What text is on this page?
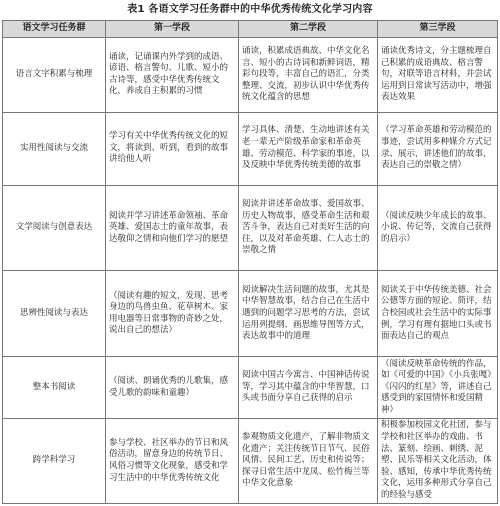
表1 各语文学习任务群中的中华优秀传统文化学习内容
语文学习任务群	第一学段	第二学段	第三学段
语言文字积累与梳理	诵读，记诵课内外学到的成语、谚语、格言警句、儿歌、短小的古诗等，感受中华优秀传统文化，养成自主积累的习惯	诵读，积累成语典故、中华文化名言、短小的古诗词和新鲜词语，精彩句段等，丰富自己的语汇，分类整理、交流，初步认识中华优秀传统文化蕴含的思想	诵读优秀诗文，分主题梳理自己积累的成语典故、格言警句，对联等语言材料，并尝试运用到日常读写活动中，增强表达效果
实用性阅读与交流	学习有关中华优秀传统文化的短文，将读到、听到，看到的故事讲给他人听	学习具体、清楚、生动地讲述有关老一辈无产阶级革命家和革命英雄、劳动模范、科学家的事迹，以及反映中华优秀传统美德的故事	（学习革命英雄和劳动模范的事迹，尝试用多种媒介方式记录、展示，讲述他们的故事，表达自己的崇敬之情）
文学阅读与创意表达	阅读并学习讲述革命领袖、革命英雄、爱国志士的童年故事，表达敬仰之情和向他们学习的愿望	阅读并讲述革命故事、爱国故事、历史人物故事，感受革命生活和艰苦斗争，表达自己对美好生活的向往，以及对革命英雄、仁人志士的崇敬之情	（阅读反映少年成长的故事、小说、传记等，交流自己获得的启示）
思辨性阅读与表达	（阅读有趣的短文，发现、思考身边的鸟兽虫鱼、花草树木、家用电器等日常事物的奇妙之处，说出自己的想法）	阅读解决生活问题的故事，尤其是中华智慧故事，结合自己在生活中遇到的问题学习思考的方法，尝试运用列提纲、画思维导图等方式，表达故事中的道理	阅读关于中华传统美德、社会公德等方面的短论、简评，结合校园或社会生活中的实际事例，学习有理有据地口头或书面表达自己的观点
整本书阅读	（阅读、朗诵优秀的儿歌集，感受儿歌的韵味和童趣）	阅读中国古今寓言、中国神话传说等，学习其中蕴含的中华智慧，口头或书面分享自己获得的启示	（阅读反映革命传统的作品，如《可爱的中国》《小兵张嘎》《闪闪的红星》等，讲述自己感受到的家国情怀和爱国精神）
跨学科学习	参与学校、社区举办的节日和风俗活动，留意身边的传统节日、风俗习惯等文化现象，感受和学习生活中的中华优秀传统文化	参观物质文化遗产，了解非物质文化遗产；关注传统节日节气、民俗风情、民间工艺、历史和传说等；探寻日常生活中龙凤、松竹梅兰等中华文化意象	积极参加校园文化社团，参与学校和社区举办的戏曲、书法、篆刻、绘画、刺绣、泥塑、民乐等相关文化活动，体验、感知，传承中华优秀传统文化，运用多种形式分享自己的经验与感受
